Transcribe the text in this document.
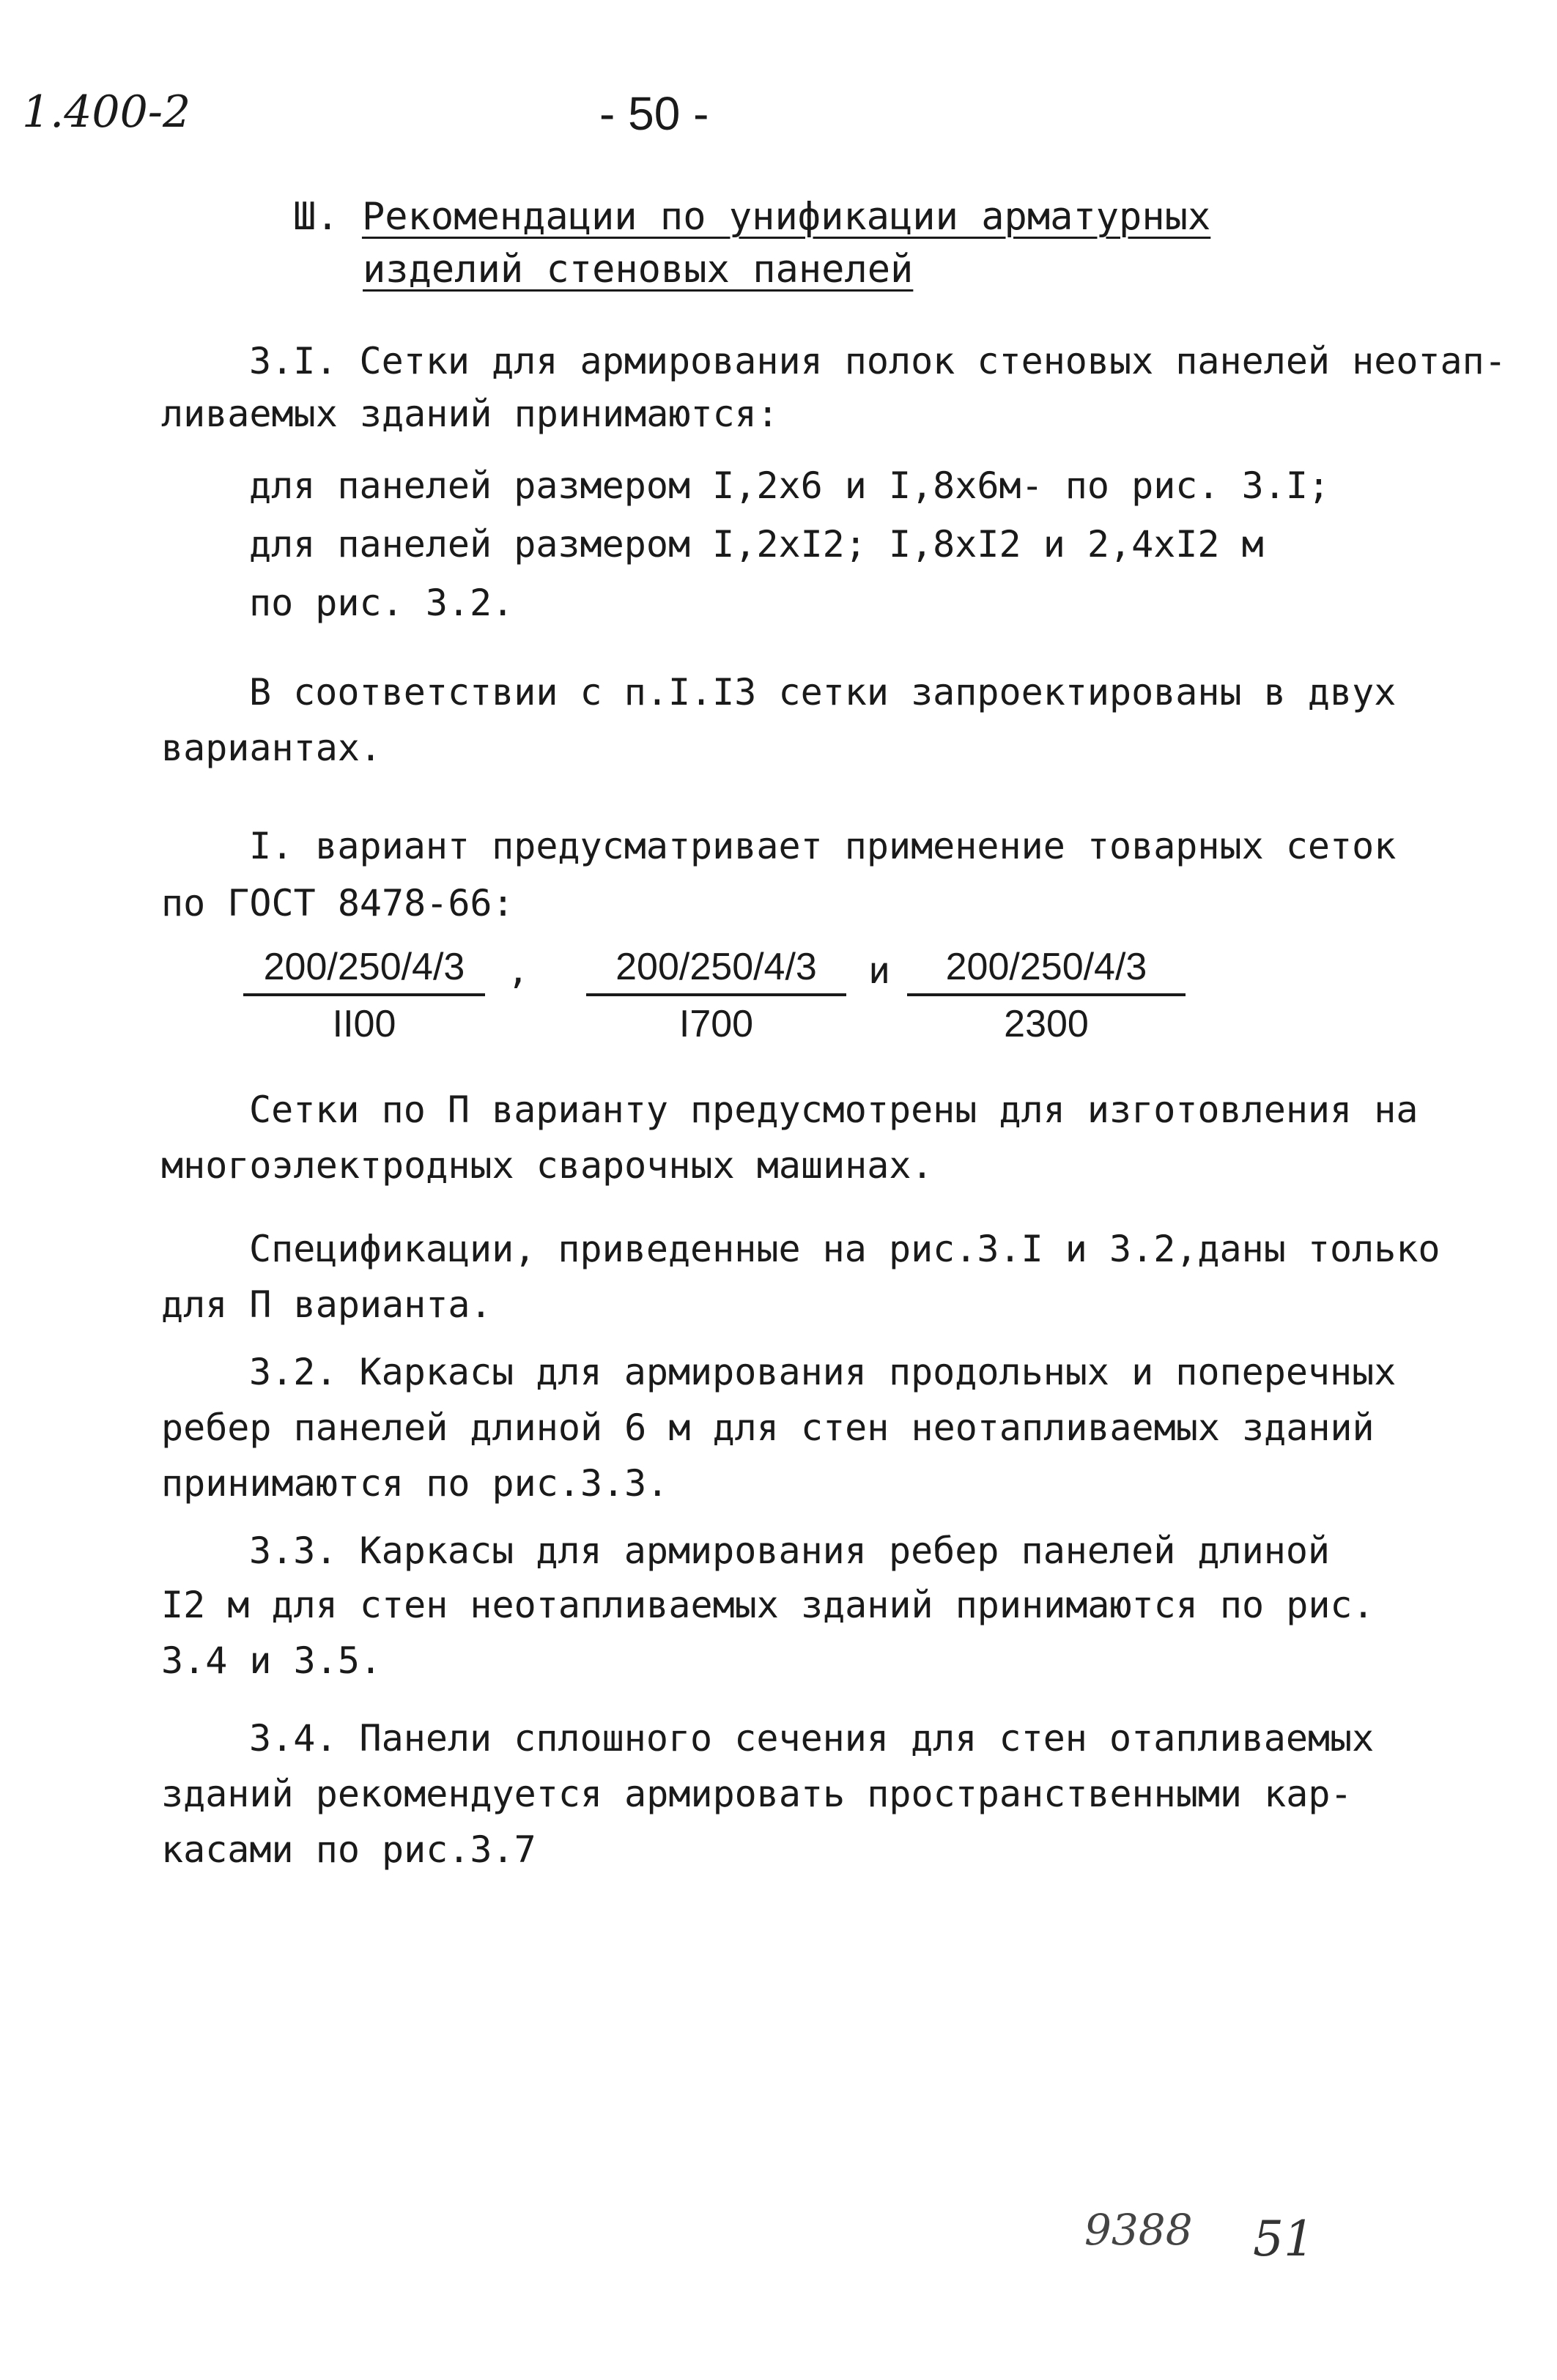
1.400-2	- 50 -
Ш. Рекомендации по унификации арматурных
изделий стеновых панелей
3.I. Сетки для армирования полок стеновых панелей неотап-
ливаемых зданий принимаются:
для панелей размером I,2х6 и I,8х6м- по рис. 3.I;
для панелей размером I,2хI2; I,8хI2 и 2,4хI2 м
по рис. 3.2.
В соответствии с п.I.I3 сетки запроектированы в двух
вариантах.
I. вариант предусматривает применение товарных сеток
по ГОСТ 8478-66:
$\frac{200/250/4/3}{II00}$ , $\frac{200/250/4/3}{I700}$ и $\frac{200/250/4/3}{2300}$
Сетки по П варианту предусмотрены для изготовления на
многоэлектродных сварочных машинах.
Спецификации, приведенные на рис.3.I и 3.2,даны только
для П варианта.
3.2. Каркасы для армирования продольных и поперечных
ребер панелей длиной 6 м для стен неотапливаемых зданий
принимаются по рис.3.3.
3.3. Каркасы для армирования ребер панелей длиной
I2 м для стен неотапливаемых зданий принимаются по рис.
3.4 и 3.5.
3.4. Панели сплошного сечения для стен отапливаемых
зданий рекомендуется армировать пространственными кар-
касами по рис.3.7
9388 51
